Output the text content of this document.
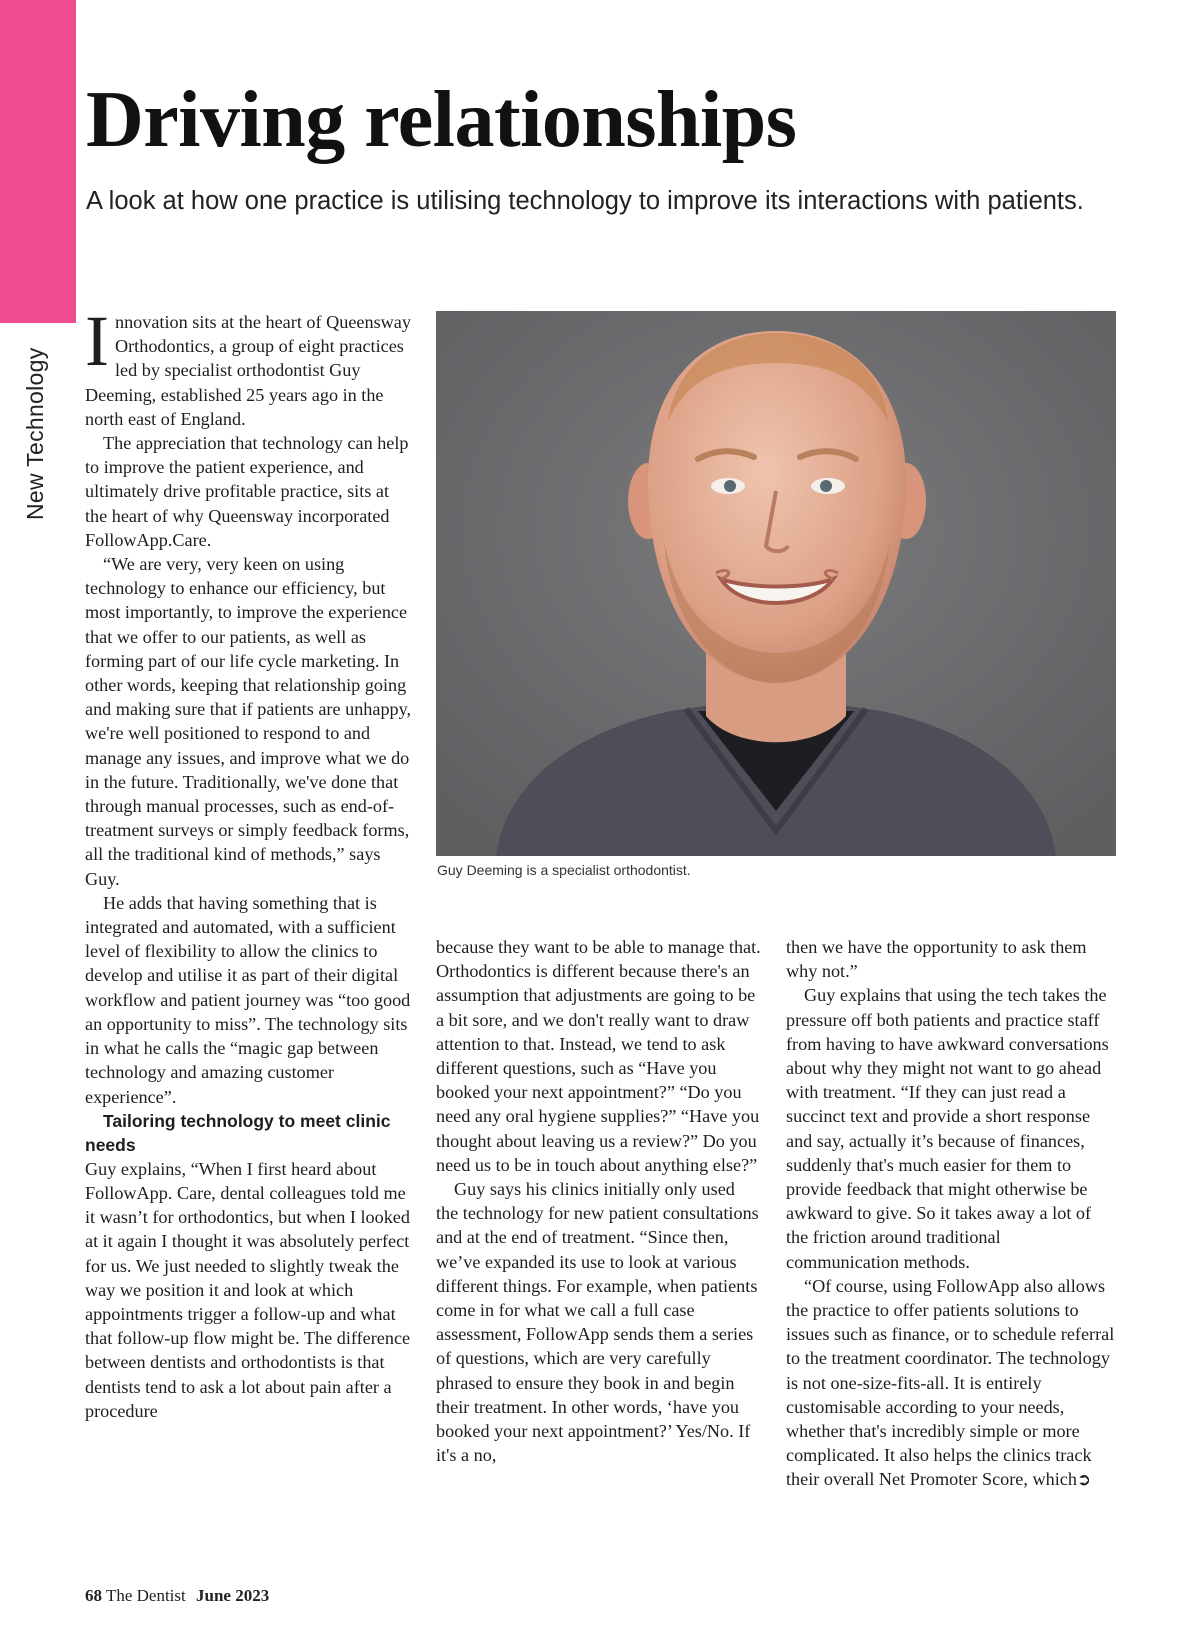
New Technology
Driving relationships

A look at how one practice is utilising technology to improve its interactions with patients.

Innovation sits at the heart of Queensway Orthodontics, a group of eight practices led by specialist orthodontist Guy Deeming, established 25 years ago in the north east of England.

The appreciation that technology can help to improve the patient experience, and ultimately drive profitable practice, sits at the heart of why Queensway incorporated FollowApp.Care.

“We are very, very keen on using technology to enhance our efficiency, but most importantly, to improve the experience that we offer to our patients, as well as forming part of our life cycle marketing. In other words, keeping that relationship going and making sure that if patients are unhappy, we're well positioned to respond to and manage any issues, and improve what we do in the future. Traditionally, we've done that through manual processes, such as end-of-treatment surveys or simply feedback forms, all the traditional kind of methods,” says Guy.

He adds that having something that is integrated and automated, with a sufficient level of flexibility to allow the clinics to develop and utilise it as part of their digital workflow and patient journey was “too good an opportunity to miss”. The technology sits in what he calls the “magic gap between technology and amazing customer experience”.

Tailoring technology to meet clinic needs

Guy explains, “When I first heard about FollowApp. Care, dental colleagues told me it wasn’t for orthodontics, but when I looked at it again I thought it was absolutely perfect for us. We just needed to slightly tweak the way we position it and look at which appointments trigger a follow-up and what that follow-up flow might be. The difference between dentists and orthodontists is that dentists tend to ask a lot about pain after a procedure

Guy Deeming is a specialist orthodontist.

because they want to be able to manage that. Orthodontics is different because there's an assumption that adjustments are going to be a bit sore, and we don't really want to draw attention to that. Instead, we tend to ask different questions, such as “Have you booked your next appointment?” “Do you need any oral hygiene supplies?” “Have you thought about leaving us a review?” Do you need us to be in touch about anything else?”

Guy says his clinics initially only used the technology for new patient consultations and at the end of treatment. “Since then, we’ve expanded its use to look at various different things. For example, when patients come in for what we call a full case assessment, FollowApp sends them a series of questions, which are very carefully phrased to ensure they book in and begin their treatment. In other words, ‘have you booked your next appointment?’ Yes/No. If it's a no,

then we have the opportunity to ask them why not.”

Guy explains that using the tech takes the pressure off both patients and practice staff from having to have awkward conversations about why they might not want to go ahead with treatment. “If they can just read a succinct text and provide a short response and say, actually it’s because of finances, suddenly that's much easier for them to provide feedback that might otherwise be awkward to give. So it takes away a lot of the friction around traditional communication methods.

“Of course, using FollowApp also allows the practice to offer patients solutions to issues such as finance, or to schedule referral to the treatment coordinator. The technology is not one-size-fits-all. It is entirely customisable according to your needs, whether that's incredibly simple or more complicated. It also helps the clinics track their overall Net Promoter Score, which➲

68 The Dentist June 2023
